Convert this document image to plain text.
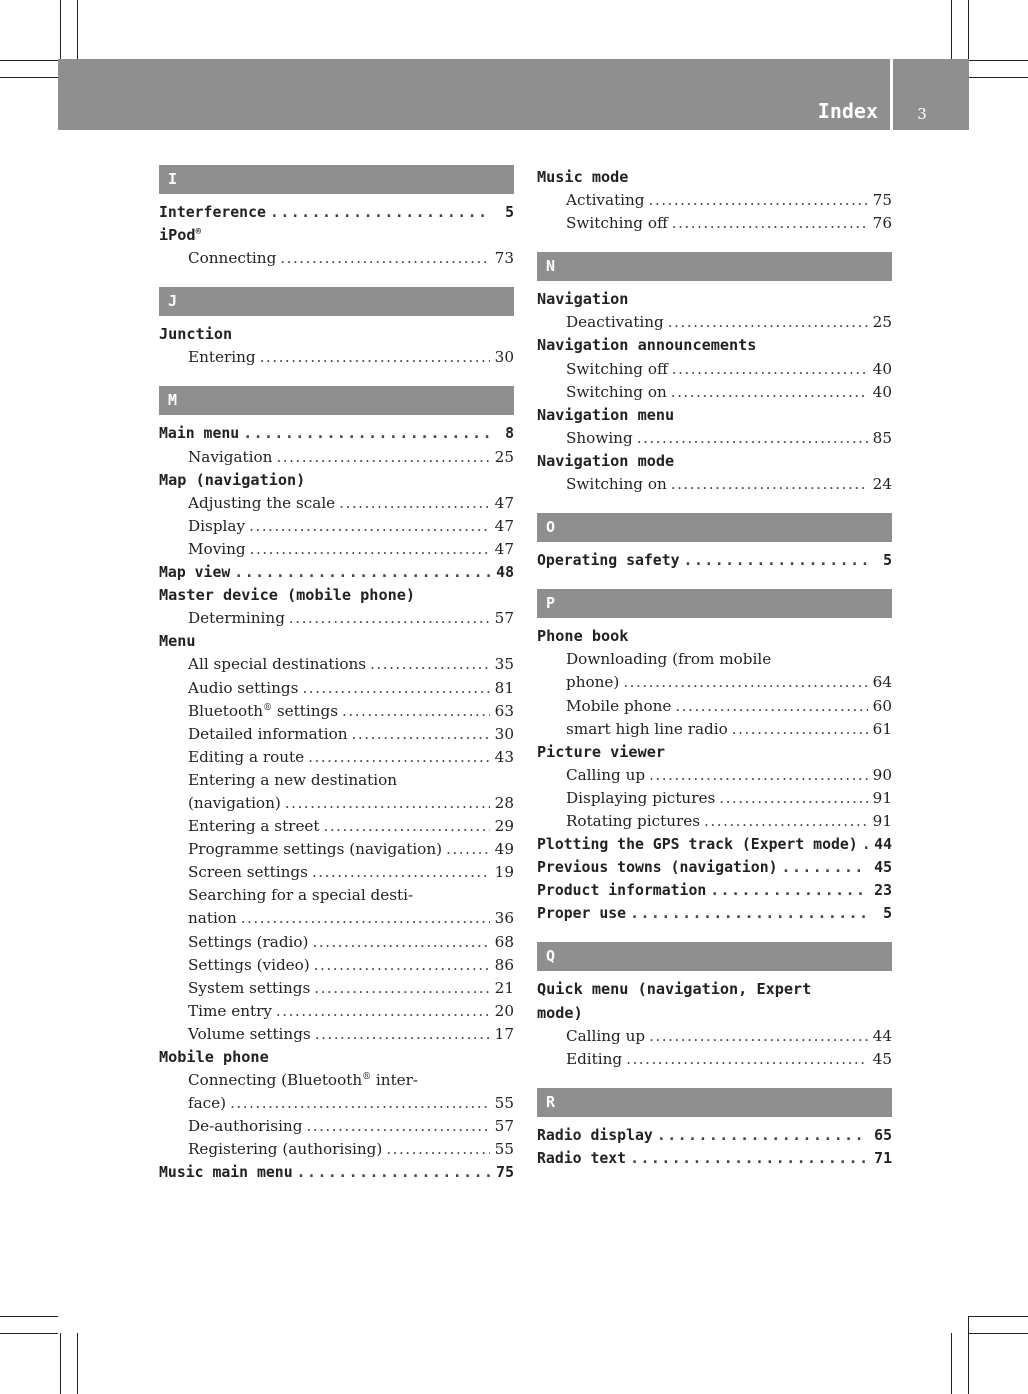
Index	3
I
Interference .....	5
iPod®
Connecting .....	73
J
Junction
Entering .....	30
M
Main menu .....	8
Navigation .....	25
Map (navigation)
Adjusting the scale .....	47
Display .....	47
Moving .....	47
Map view .....	48
Master device (mobile phone)
Determining .....	57
Menu
All special destinations .....	35
Audio settings .....	81
Bluetooth® settings .....	63
Detailed information .....	30
Editing a route .....	43
Entering a new destination
(navigation) .....	28
Entering a street .....	29
Programme settings (navigation) .....	49
Screen settings .....	19
Searching for a special desti-
nation .....	36
Settings (radio) .....	68
Settings (video) .....	86
System settings .....	21
Time entry .....	20
Volume settings .....	17
Mobile phone
Connecting (Bluetooth® inter-
face) .....	55
De-authorising .....	57
Registering (authorising) .....	55
Music main menu .....	75
Music mode
Activating .....	75
Switching off .....	76
N
Navigation
Deactivating .....	25
Navigation announcements
Switching off .....	40
Switching on .....	40
Navigation menu
Showing .....	85
Navigation mode
Switching on .....	24
O
Operating safety .....	5
P
Phone book
Downloading (from mobile
phone) .....	64
Mobile phone .....	60
smart high line radio .....	61
Picture viewer
Calling up .....	90
Displaying pictures .....	91
Rotating pictures .....	91
Plotting the GPS track (Expert mode) ..... 44
Previous towns (navigation) .....	45
Product information .....	23
Proper use .....	5
Q
Quick menu (navigation, Expert
mode)
Calling up .....	44
Editing .....	45
R
Radio display .....	65
Radio text .....	71
